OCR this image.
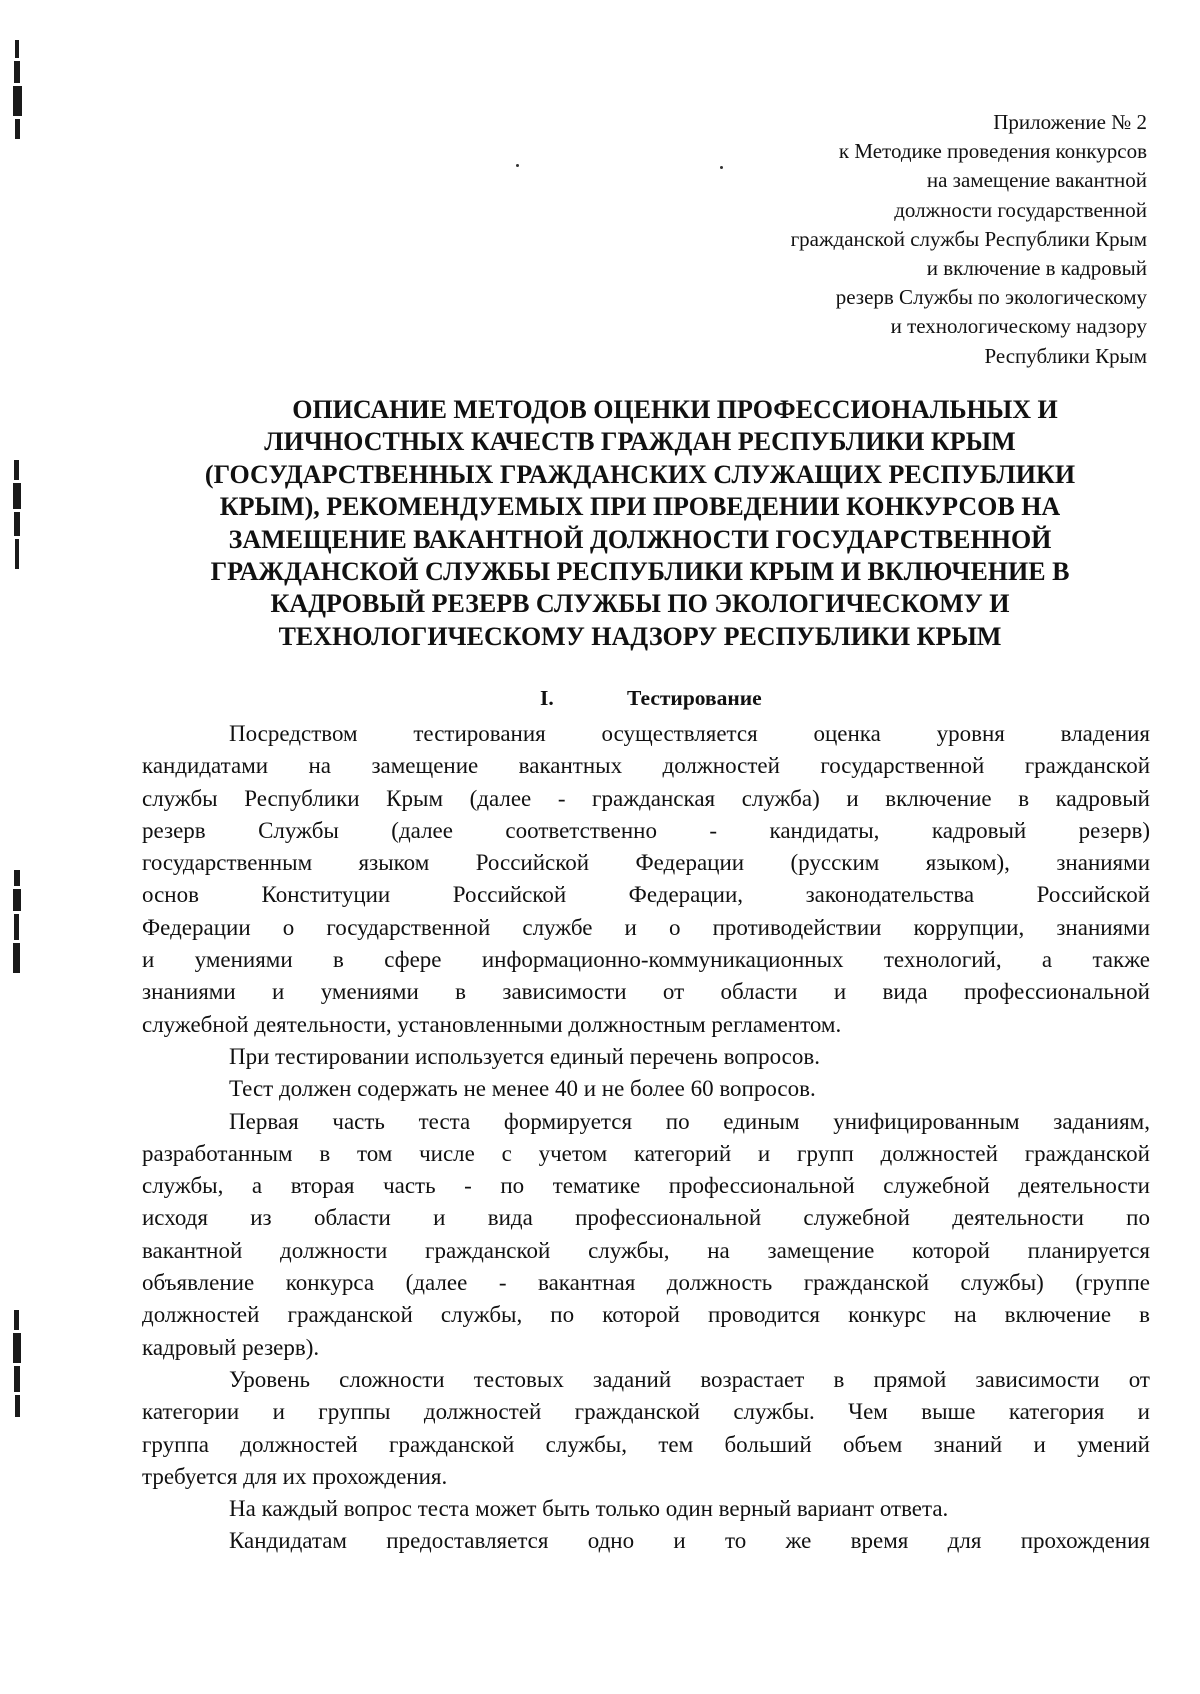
Приложение № 2
к Методике проведения конкурсов
на замещение вакантной
должности государственной
гражданской службы Республики Крым
и включение в кадровый
резерв Службы по экологическому
и технологическому надзору
Республики Крым
ОПИСАНИЕ МЕТОДОВ ОЦЕНКИ ПРОФЕССИОНАЛЬНЫХ И
ЛИЧНОСТНЫХ КАЧЕСТВ ГРАЖДАН РЕСПУБЛИКИ КРЫМ
(ГОСУДАРСТВЕННЫХ ГРАЖДАНСКИХ СЛУЖАЩИХ РЕСПУБЛИКИ
КРЫМ), РЕКОМЕНДУЕМЫХ ПРИ ПРОВЕДЕНИИ КОНКУРСОВ НА
ЗАМЕЩЕНИЕ ВАКАНТНОЙ ДОЛЖНОСТИ ГОСУДАРСТВЕННОЙ
ГРАЖДАНСКОЙ СЛУЖБЫ РЕСПУБЛИКИ КРЫМ И ВКЛЮЧЕНИЕ В
КАДРОВЫЙ РЕЗЕРВ СЛУЖБЫ ПО ЭКОЛОГИЧЕСКОМУ И
ТЕХНОЛОГИЧЕСКОМУ НАДЗОРУ РЕСПУБЛИКИ КРЫМ
I.	Тестирование
Посредством тестирования осуществляется оценка уровня владения
кандидатами на замещение вакантных должностей государственной гражданской
службы Республики Крым (далее - гражданская служба) и включение в кадровый
резерв Службы (далее соответственно - кандидаты, кадровый резерв)
государственным языком Российской Федерации (русским языком), знаниями
основ Конституции Российской Федерации, законодательства Российской
Федерации о государственной службе и о противодействии коррупции, знаниями
и умениями в сфере информационно-коммуникационных технологий, а также
знаниями и умениями в зависимости от области и вида профессиональной
служебной деятельности, установленными должностным регламентом.
При тестировании используется единый перечень вопросов.
Тест должен содержать не менее 40 и не более 60 вопросов.
Первая часть теста формируется по единым унифицированным заданиям,
разработанным в том числе с учетом категорий и групп должностей гражданской
службы, а вторая часть - по тематике профессиональной служебной деятельности
исходя из области и вида профессиональной служебной деятельности по
вакантной должности гражданской службы, на замещение которой планируется
объявление конкурса (далее - вакантная должность гражданской службы) (группе
должностей гражданской службы, по которой проводится конкурс на включение в
кадровый резерв).
Уровень сложности тестовых заданий возрастает в прямой зависимости от
категории и группы должностей гражданской службы. Чем выше категория и
группа должностей гражданской службы, тем больший объем знаний и умений
требуется для их прохождения.
На каждый вопрос теста может быть только один верный вариант ответа.
Кандидатам предоставляется одно и то же время для прохождения
